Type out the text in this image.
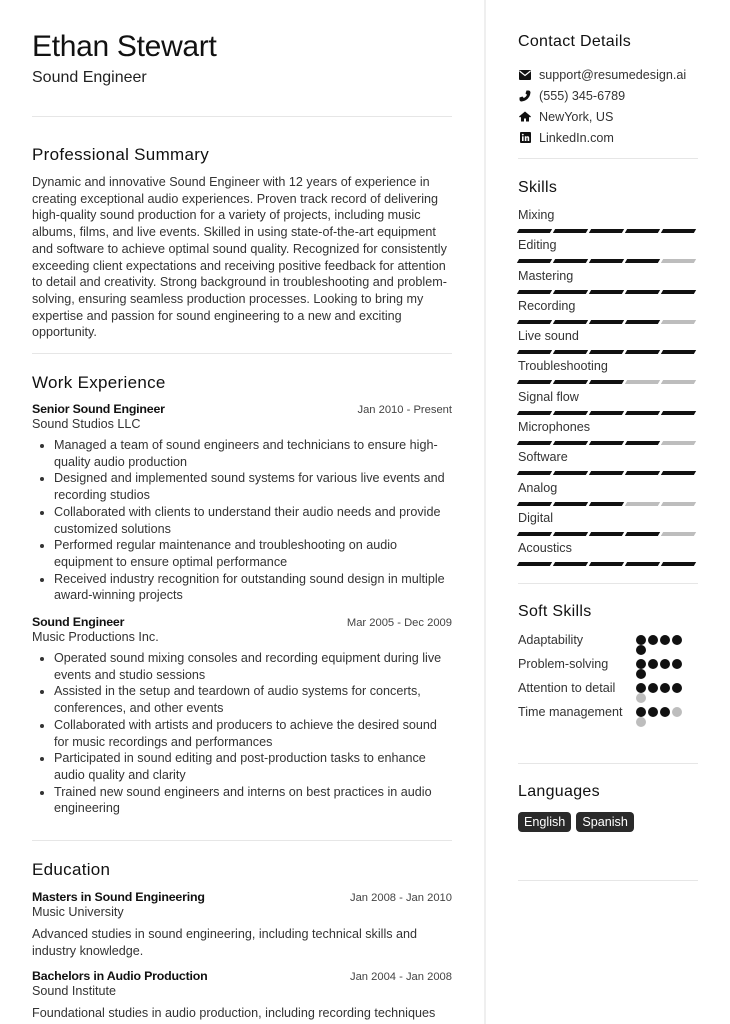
Ethan Stewart
Sound Engineer
Professional Summary

Dynamic and innovative Sound Engineer with 12 years of experience in creating exceptional audio experiences. Proven track record of delivering high-quality sound production for a variety of projects, including music albums, films, and live events. Skilled in using state-of-the-art equipment and software to achieve optimal sound quality. Recognized for consistently exceeding client expectations and receiving positive feedback for attention to detail and creativity. Strong background in troubleshooting and problem-solving, ensuring seamless production processes. Looking to bring my expertise and passion for sound engineering to a new and exciting opportunity.

Work Experience
Senior Sound Engineer	Jan 2010 - Present
Sound Studios LLC
• Managed a team of sound engineers and technicians to ensure high-quality audio production
• Designed and implemented sound systems for various live events and recording studios
• Collaborated with clients to understand their audio needs and provide customized solutions
• Performed regular maintenance and troubleshooting on audio equipment to ensure optimal performance
• Received industry recognition for outstanding sound design in multiple award-winning projects
Sound Engineer	Mar 2005 - Dec 2009
Music Productions Inc.
• Operated sound mixing consoles and recording equipment during live events and studio sessions
• Assisted in the setup and teardown of audio systems for concerts, conferences, and other events
• Collaborated with artists and producers to achieve the desired sound for music recordings and performances
• Participated in sound editing and post-production tasks to enhance audio quality and clarity
• Trained new sound engineers and interns on best practices in audio engineering
Education
Masters in Sound Engineering	Jan 2008 - Jan 2010
Music University
Advanced studies in sound engineering, including technical skills and industry knowledge.
Bachelors in Audio Production	Jan 2004 - Jan 2008
Sound Institute
Foundational studies in audio production, including recording techniques
Contact Details
support@resumedesign.ai
(555) 345-6789
NewYork, US
LinkedIn.com
Skills
Mixing
Editing
Mastering
Recording
Live sound
Troubleshooting
Signal flow
Microphones
Software
Analog
Digital
Acoustics
Soft Skills
Adaptability
Problem-solving
Attention to detail
Time management
Languages
English	Spanish
